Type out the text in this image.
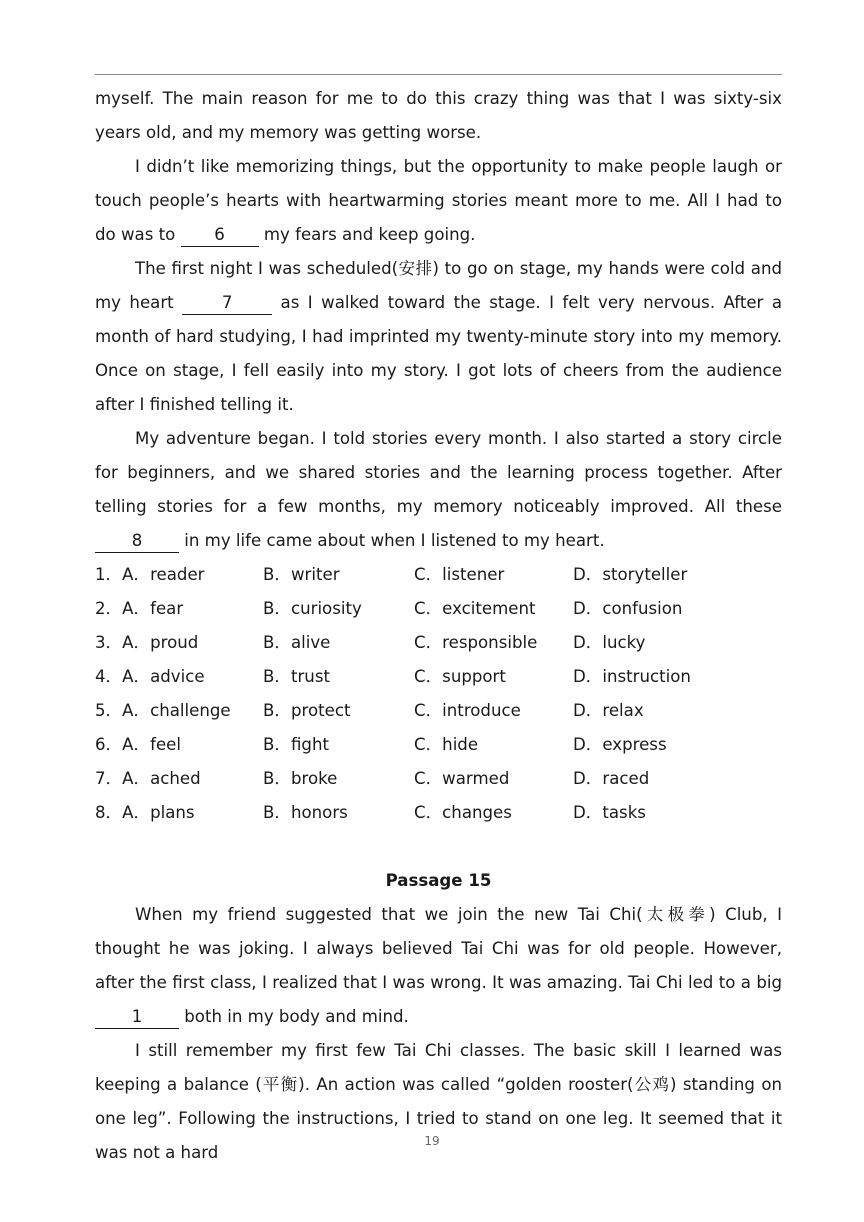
myself. The main reason for me to do this crazy thing was that I was sixty-six years old, and my memory was getting worse.

I didn’t like memorizing things, but the opportunity to make people laugh or touch people’s hearts with heartwarming stories meant more to me. All I had to do was to 6 my fears and keep going.

The first night I was scheduled(安排) to go on stage, my hands were cold and my heart 7 as I walked toward the stage. I felt very nervous. After a month of hard studying, I had imprinted my twenty-minute story into my memory. Once on stage, I fell easily into my story. I got lots of cheers from the audience after I finished telling it.

My adventure began. I told stories every month. I also started a story circle for beginners, and we shared stories and the learning process together. After telling stories for a few months, my memory noticeably improved. All these 8 in my life came about when I listened to my heart.

1．A．reader	B．writer	C．listener	D．storyteller
2．A．fear	B．curiosity	C．excitement	D．confusion
3．A．proud	B．alive	C．responsible	D．lucky
4．A．advice	B．trust	C．support	D．instruction
5．A．challenge	B．protect	C．introduce	D．relax
6．A．feel	B．fight	C．hide	D．express
7．A．ached	B．broke	C．warmed	D．raced
8．A．plans	B．honors	C．changes	D．tasks

Passage 15

When my friend suggested that we join the new Tai Chi(太极拳) Club, I thought he was joking. I always believed Tai Chi was for old people. However, after the first class, I realized that I was wrong. It was amazing. Tai Chi led to a big 1 both in my body and mind.

I still remember my first few Tai Chi classes. The basic skill I learned was keeping a balance (平衡). An action was called “golden rooster(公鸡) standing on one leg”. Following the instructions, I tried to stand on one leg. It seemed that it was not a hard

19
